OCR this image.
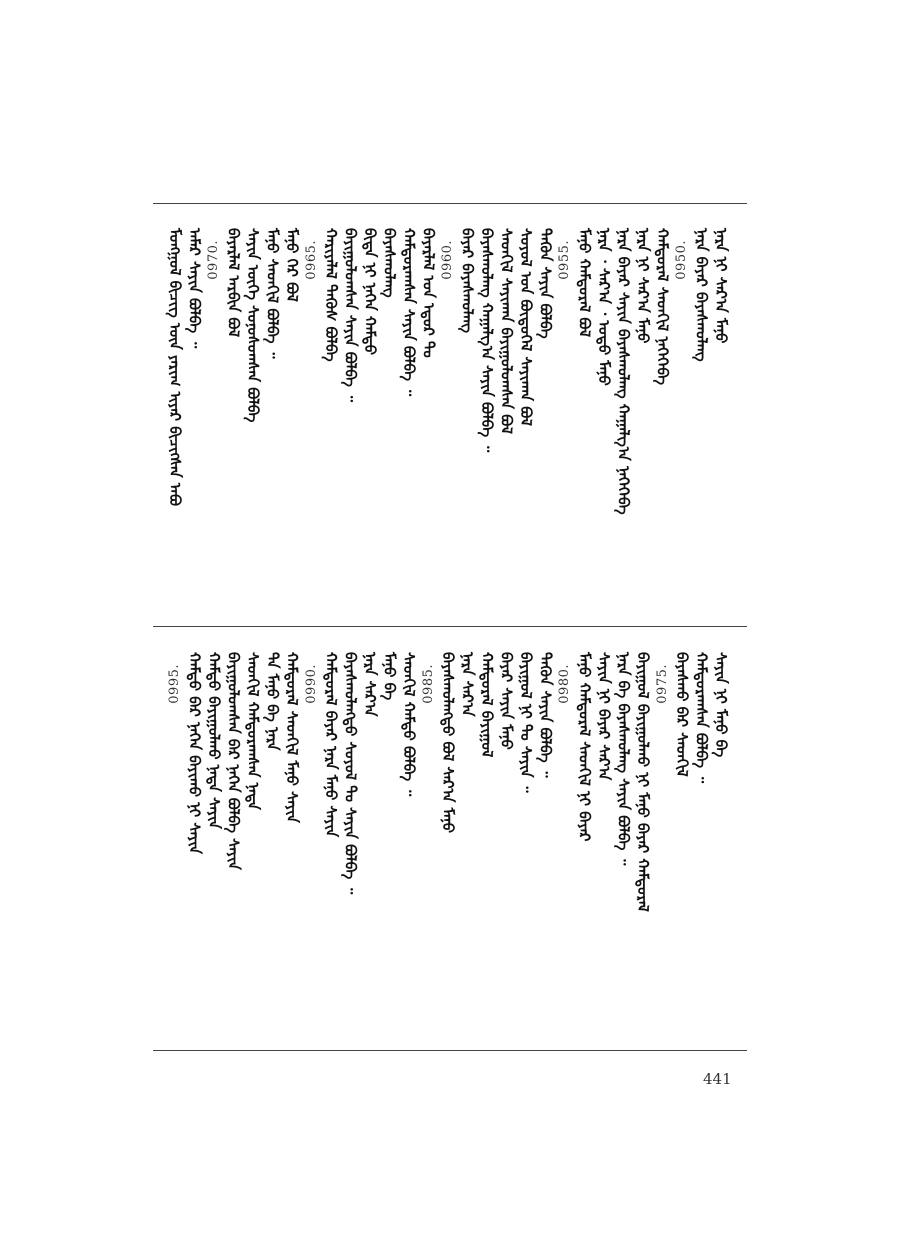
ᠮᠣᠩᠭᠣᠯ ᠪᠢᠴᠢᠭ ᠦᠨ ᠶᠠᠷᠢᠭ ᠢᠶᠠᠷ ᠪᠢᠴᠢᠭᠰᠡᠨ ᠠᠪᠤ ᠠᠮᠠᠷ ᠰᠠᠶᠢᠨ ᠪᠣᠯᠪᠠ ᠃ 0970. ᠪᠠᠶᠠᠷᠯᠠᠯ ᠠᠷᠪᠢᠨ ᠪᠣᠯ ᠰᠠᠶᠢᠨ ᠦᠭᠡ ᠰᠣᠨᠣᠰᠤᠭᠰᠠᠨ ᠪᠣᠯᠪᠠ ᠮᠠᠨᠤ ᠰᠡᠳᠬᠢᠯ ᠪᠣᠯᠪᠠ ᠃ ᠮᠠᠨᠤ ᠭᠡᠷ ᠪᠣᠯ 0965. ᠬᠠᠷᠢᠶᠠᠯᠠᠯ ᠲᠡᠭᠦᠰ ᠪᠣᠯᠪᠠ ᠪᠠᠶᠢᠭᠤᠯᠤᠭᠰᠠᠨ ᠰᠠᠶᠢᠨ ᠪᠣᠯᠪᠠ ᠃ ᠪᠢᠳᠡ ᠨᠢ ᠨᠡᠭᠡᠨ ᠬᠠᠮᠲᠤ ᠪᠠᠶᠠᠰᠬᠤᠯᠠᠩ ᠬᠠᠮᠲᠤᠷᠠᠭᠰᠠᠨ ᠰᠠᠶᠢᠨ ᠪᠣᠯᠪᠠ ᠃ ᠪᠠᠶᠠᠷᠯᠠᠯ ᠤᠨ ᠡᠳᠦᠷ ᠲᠤ 0960. ᠪᠠᠶᠠᠷ ᠪᠠᠶᠠᠰᠬᠤᠯᠠᠩ ᠪᠠᠶᠠᠰᠬᠤᠯᠠᠩ ᠬᠠᠭᠠᠯᠭ᠎ᠠ ᠰᠠᠶᠢᠨ ᠪᠣᠯᠪᠠ ᠃ ᠰᠡᠳᠬᠢᠯ ᠰᠠᠶᠢᠬᠠᠨ ᠪᠠᠶᠢᠭᠤᠯᠤᠭᠰᠠᠨ ᠪᠣᠯ ᠰᠣᠶᠣᠯ ᠤᠨ ᠪᠦᠲᠦᠭᠡᠯ ᠰᠠᠶᠢᠬᠠᠨ ᠪᠣᠯ ᠲᠡᠭᠦᠨ ᠰᠠᠶᠢᠨ ᠪᠣᠯᠪᠠ 0955. ᠮᠠᠨᠤ ᠬᠠᠮᠲᠤᠷᠠᠯ ᠪᠣᠯ ᠨᠠᠷᠠ ᠂ ᠰᠠᠷ᠎ᠠ ᠂ ᠣᠳᠤ ᠮᠠᠨᠤ ᠨᠠᠷᠠ ᠪᠠᠶᠠᠷ ᠰᠠᠶᠢᠨ ᠪᠠᠶᠠᠰᠬᠤᠯᠠᠩ ᠬᠠᠭᠠᠯᠭ᠎ᠠ ᠨᠡᠭᠡᠭᠡᠪᠡ ᠨᠠᠷᠠ ᠨᠢ ᠰᠠᠷ᠎ᠠ ᠮᠠᠨᠤ ᠬᠠᠮᠲᠤᠷᠠᠯ ᠰᠡᠳᠬᠢᠯ ᠨᠡᠭᠡᠭᠡᠪᠡ 0950. ᠨᠠᠷᠠ ᠪᠠᠶᠠᠷ ᠪᠠᠶᠠᠰᠬᠤᠯᠠᠩ ᠨᠠᠷᠠ ᠨᠢ ᠰᠠᠷ᠎ᠠ ᠮᠠᠨᠤ
0995. ᠬᠠᠮᠲᠤ ᠪᠡᠷ ᠨᠡᠭᠡᠨ ᠪᠠᠶᠢᠬᠤ ᠨᠢ ᠰᠠᠶᠢᠨ ᠬᠠᠮᠲᠤ ᠪᠠᠶᠢᠭᠤᠯᠬᠤ ᠨᠠᠳᠠ ᠰᠠᠶᠢᠨ ᠪᠠᠶᠢᠭᠤᠯᠤᠭᠰᠠᠨ ᠪᠡᠷ ᠨᠡᠭᠡᠨ ᠪᠣᠯᠪᠠ ᠰᠠᠶᠢᠨ ᠰᠡᠳᠬᠢᠯ ᠬᠠᠮᠲᠤᠷᠠᠭᠰᠠᠨ ᠨᠠᠳᠠ ᠲᠠ ᠮᠠᠨᠤ ᠪᠠ ᠨᠠᠷᠠ ᠬᠠᠮᠲᠤᠷᠠᠯ ᠰᠡᠳᠬᠢᠯ ᠮᠠᠨᠤ ᠰᠠᠶᠢᠨ 0990. ᠬᠠᠮᠲᠤᠷᠠᠯ ᠪᠠᠶᠠᠷ ᠨᠠᠷᠠ ᠮᠠᠨᠤ ᠰᠠᠶᠢᠨ ᠪᠠᠶᠠᠰᠬᠤᠯᠠᠩᠲᠤ ᠰᠣᠶᠣᠯ ᠲᠤ ᠰᠠᠶᠢᠨ ᠪᠣᠯᠪᠠ ᠃ ᠨᠠᠷᠠ ᠰᠠᠷ᠎ᠠ ᠮᠠᠨᠤ ᠪᠠ ᠰᠡᠳᠬᠢᠯ ᠬᠠᠮᠲᠤ ᠪᠣᠯᠪᠠ ᠃ 0985. ᠪᠠᠶᠠᠰᠬᠤᠯᠠᠩᠲᠤ ᠪᠣᠯ ᠰᠠᠷ᠎ᠠ ᠮᠠᠨᠤ ᠨᠠᠷᠠ ᠰᠠᠷ᠎ᠠ ᠬᠠᠮᠲᠤᠷᠠᠯ ᠪᠠᠶᠢᠭᠤᠯ ᠪᠠᠶᠠᠷ ᠰᠠᠶᠢᠨ ᠮᠠᠨᠤ ᠪᠠᠶᠢᠭᠤᠯ ᠨᠢ ᠲᠤ ᠰᠠᠶᠢᠨ ᠃ ᠲᠡᠭᠦᠨ ᠰᠠᠶᠢᠨ ᠪᠣᠯᠪᠠ ᠃ 0980. ᠮᠠᠨᠤ ᠬᠠᠮᠲᠤᠷᠠᠯ ᠰᠡᠳᠬᠢᠯ ᠨᠢ ᠪᠠᠶᠠᠷ ᠰᠠᠶᠢᠨ ᠨᠢ ᠪᠠᠶᠠᠷ ᠰᠠᠷ᠎ᠠ ᠨᠠᠷᠠ ᠪᠠ ᠪᠠᠶᠠᠰᠬᠤᠯᠠᠩ ᠰᠠᠶᠢᠨ ᠪᠣᠯᠪᠠ ᠃ ᠪᠠᠶᠢᠭᠤᠯ ᠪᠠᠶᠢᠭᠤᠯᠬᠤ ᠨᠢ ᠮᠠᠨᠤ ᠪᠠᠶᠠᠷ ᠬᠠᠮᠲᠤᠷᠠᠯ 0975. ᠪᠠᠶᠠᠰᠬᠤ ᠪᠡᠷ ᠰᠡᠳᠬᠢᠯ ᠬᠠᠮᠲᠤᠷᠠᠭᠰᠠᠨ ᠪᠣᠯᠪᠠ ᠃ ᠰᠠᠶᠢᠨ ᠨᠢ ᠮᠠᠨᠤ ᠪᠠ
441
